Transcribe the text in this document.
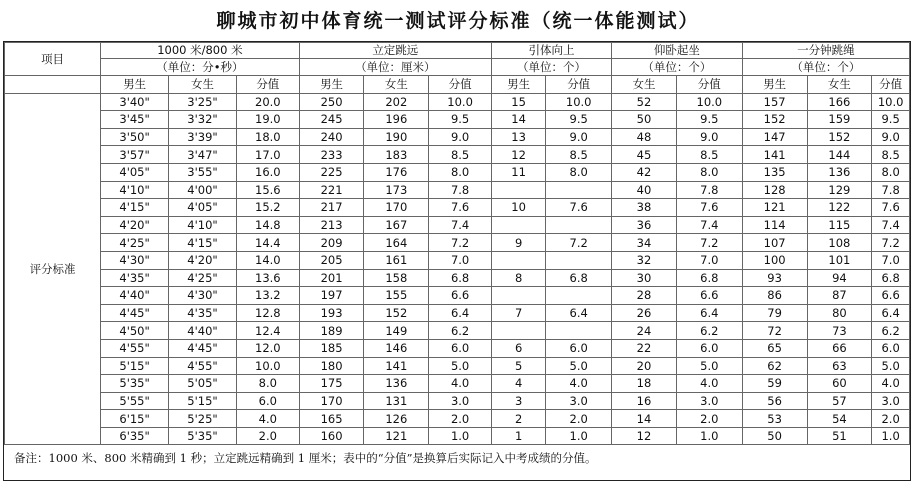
聊城市初中体育统一测试评分标准（统一体能测试）
项目	1000 米/800 米			立定跳远			引体向上		仰卧起坐		一分钟跳绳		
	（单位：分•秒）			（单位：厘米）			（单位：个）		（单位：个）		（单位：个）		
	男生	女生	分值	男生	女生	分值	男生	分值	女生	分值	男生	女生	分值
评分标准	3'40"	3'25"	20.0	250	202	10.0	15	10.0	52	10.0	157	166	10.0
	3'45"	3'32"	19.0	245	196	9.5	14	9.5	50	9.5	152	159	9.5
	3'50"	3'39"	18.0	240	190	9.0	13	9.0	48	9.0	147	152	9.0
	3'57"	3'47"	17.0	233	183	8.5	12	8.5	45	8.5	141	144	8.5
	4'05"	3'55"	16.0	225	176	8.0	11	8.0	42	8.0	135	136	8.0
	4'10"	4'00"	15.6	221	173	7.8			40	7.8	128	129	7.8
	4'15"	4'05"	15.2	217	170	7.6	10	7.6	38	7.6	121	122	7.6
	4'20"	4'10"	14.8	213	167	7.4			36	7.4	114	115	7.4
	4'25"	4'15"	14.4	209	164	7.2	9	7.2	34	7.2	107	108	7.2
	4'30"	4'20"	14.0	205	161	7.0			32	7.0	100	101	7.0
	4'35"	4'25"	13.6	201	158	6.8	8	6.8	30	6.8	93	94	6.8
	4'40"	4'30"	13.2	197	155	6.6			28	6.6	86	87	6.6
	4'45"	4'35"	12.8	193	152	6.4	7	6.4	26	6.4	79	80	6.4
	4'50"	4'40"	12.4	189	149	6.2			24	6.2	72	73	6.2
	4'55"	4'45"	12.0	185	146	6.0	6	6.0	22	6.0	65	66	6.0
	5'15"	4'55"	10.0	180	141	5.0	5	5.0	20	5.0	62	63	5.0
	5'35"	5'05"	8.0	175	136	4.0	4	4.0	18	4.0	59	60	4.0
	5'55"	5'15"	6.0	170	131	3.0	3	3.0	16	3.0	56	57	3.0
	6'15"	5'25"	4.0	165	126	2.0	2	2.0	14	2.0	53	54	2.0
	6'35"	5'35"	2.0	160	121	1.0	1	1.0	12	1.0	50	51	1.0
备注：1000 米、800 米精确到 1 秒；立定跳远精确到 1 厘米；表中的“分值”是换算后实际记入中考成绩的分值。
